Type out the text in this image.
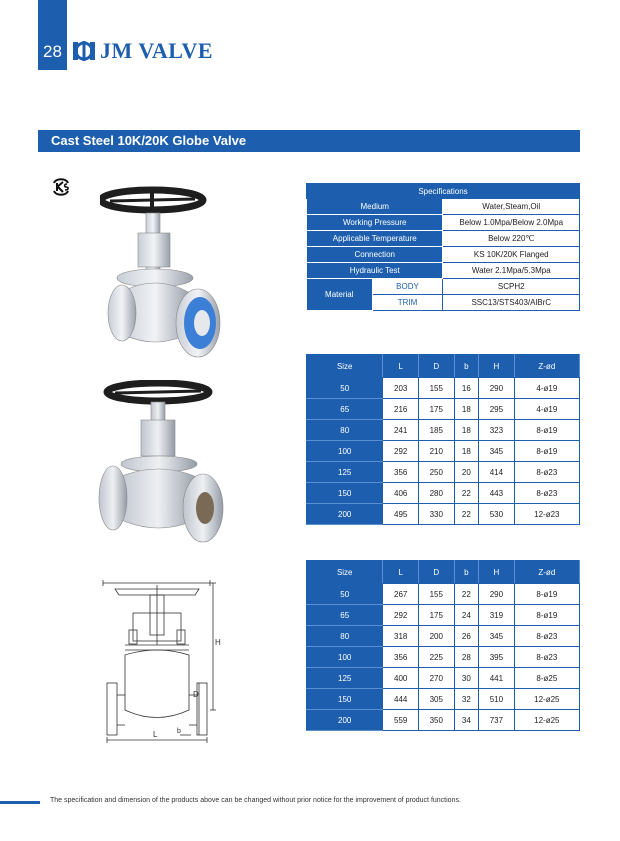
28 JM VALVE
Cast Steel 10K/20K Globe Valve
H
D
L	b
Specifications		
Medium		Water,Steam,Oil
Working Pressure		Below 1.0Mpa/Below 2.0Mpa
Applicable Temperature		Below 220℃
Connection		KS 10K/20K Flanged
Hydraulic Test		Water 2.1Mpa/5.3Mpa
Material	BODY	SCPH2
	TRIM	SSC13/STS403/AlBrC
Size	L	D	b	H	Z-ød
50	203	155	16	290	4-ø19
65	216	175	18	295	4-ø19
80	241	185	18	323	8-ø19
100	292	210	18	345	8-ø19
125	356	250	20	414	8-ø23
150	406	280	22	443	8-ø23
200	495	330	22	530	12-ø23
Size	L	D	b	H	Z-ød
50	267	155	22	290	8-ø19
65	292	175	24	319	8-ø19
80	318	200	26	345	8-ø23
100	356	225	28	395	8-ø23
125	400	270	30	441	8-ø25
150	444	305	32	510	12-ø25
200	559	350	34	737	12-ø25
The specification and dimension of the products above can be changed without prior notice for the improvement of product functions.
